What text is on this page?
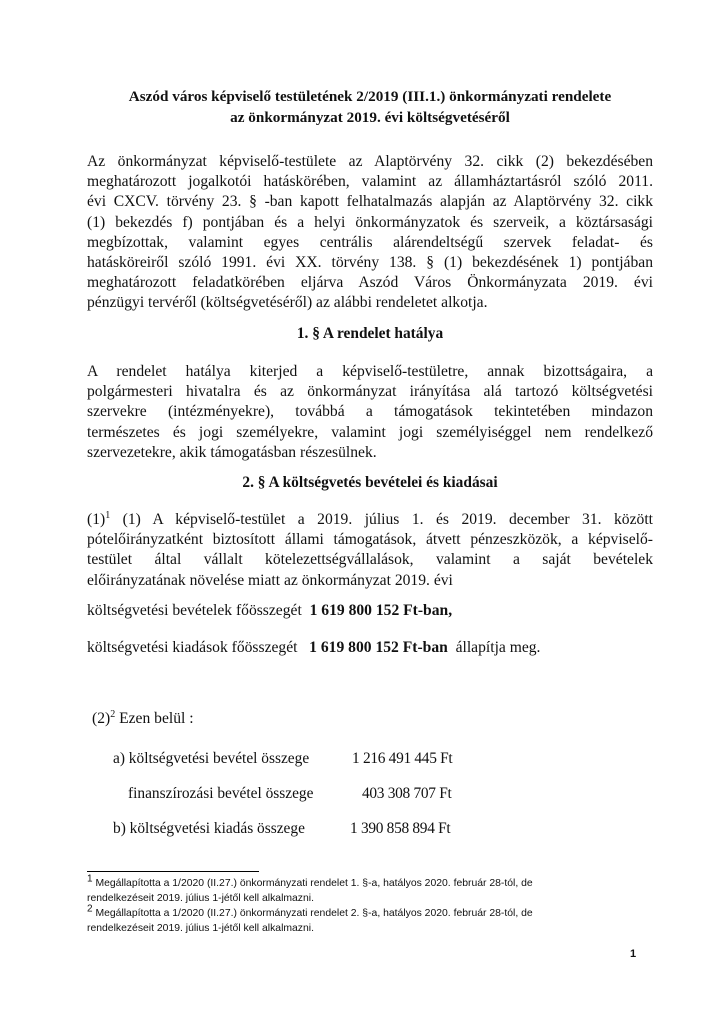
Aszód város képviselő testületének 2/2019 (III.1.) önkormányzati rendelete
az önkormányzat 2019. évi költségvetéséről
Az önkormányzat képviselő-testülete az Alaptörvény 32. cikk (2) bekezdésében
meghatározott jogalkotói hatáskörében, valamint az államháztartásról szóló 2011.
évi CXCV. törvény 23. § -ban kapott felhatalmazás alapján az Alaptörvény 32. cikk
(1) bekezdés f) pontjában és a helyi önkormányzatok és szerveik, a köztársasági
megbízottak, valamint egyes centrális alárendeltségű szervek feladat- és
hatásköreiről szóló 1991. évi XX. törvény 138. § (1) bekezdésének 1) pontjában
meghatározott feladatkörében eljárva Aszód Város Önkormányzata 2019. évi
pénzügyi tervéről (költségvetéséről) az alábbi rendeletet alkotja.
1. § A rendelet hatálya
A rendelet hatálya kiterjed a képviselő-testületre, annak bizottságaira, a
polgármesteri hivatalra és az önkormányzat irányítása alá tartozó költségvetési
szervekre (intézményekre), továbbá a támogatások tekintetében mindazon
természetes és jogi személyekre, valamint jogi személyiséggel nem rendelkező
szervezetekre, akik támogatásban részesülnek.
2. § A költségvetés bevételei és kiadásai
$(1)^1$ (1) A képviselő-testület a 2019. július 1. és 2019. december 31. között
pótelőirányzatként biztosított állami támogatások, átvett pénzeszközök, a képviselő-
testület által vállalt kötelezettségvállalások, valamint a saját bevételek
előirányzatának növelése miatt az önkormányzat 2019. évi
költségvetési bevételek főösszegét  1 619 800 152 Ft-ban,
költségvetési kiadások főösszegét   1 619 800 152 Ft-ban  állapítja meg.
$(2)^2$ Ezen belül :
a) költségvetési bevétel összege	1 216 491 445 Ft
finanszírozási bevétel összege	403 308 707 Ft
b) költségvetési kiadás összege	1 390 858 894 Ft
$^1$ Megállapította a 1/2020 (II.27.) önkormányzati rendelet 1. §-a, hatályos 2020. február 28-tól, de
rendelkezéseit 2019. július 1-jétől kell alkalmazni.
$^2$ Megállapította a 1/2020 (II.27.) önkormányzati rendelet 2. §-a, hatályos 2020. február 28-tól, de
rendelkezéseit 2019. július 1-jétől kell alkalmazni.
1
